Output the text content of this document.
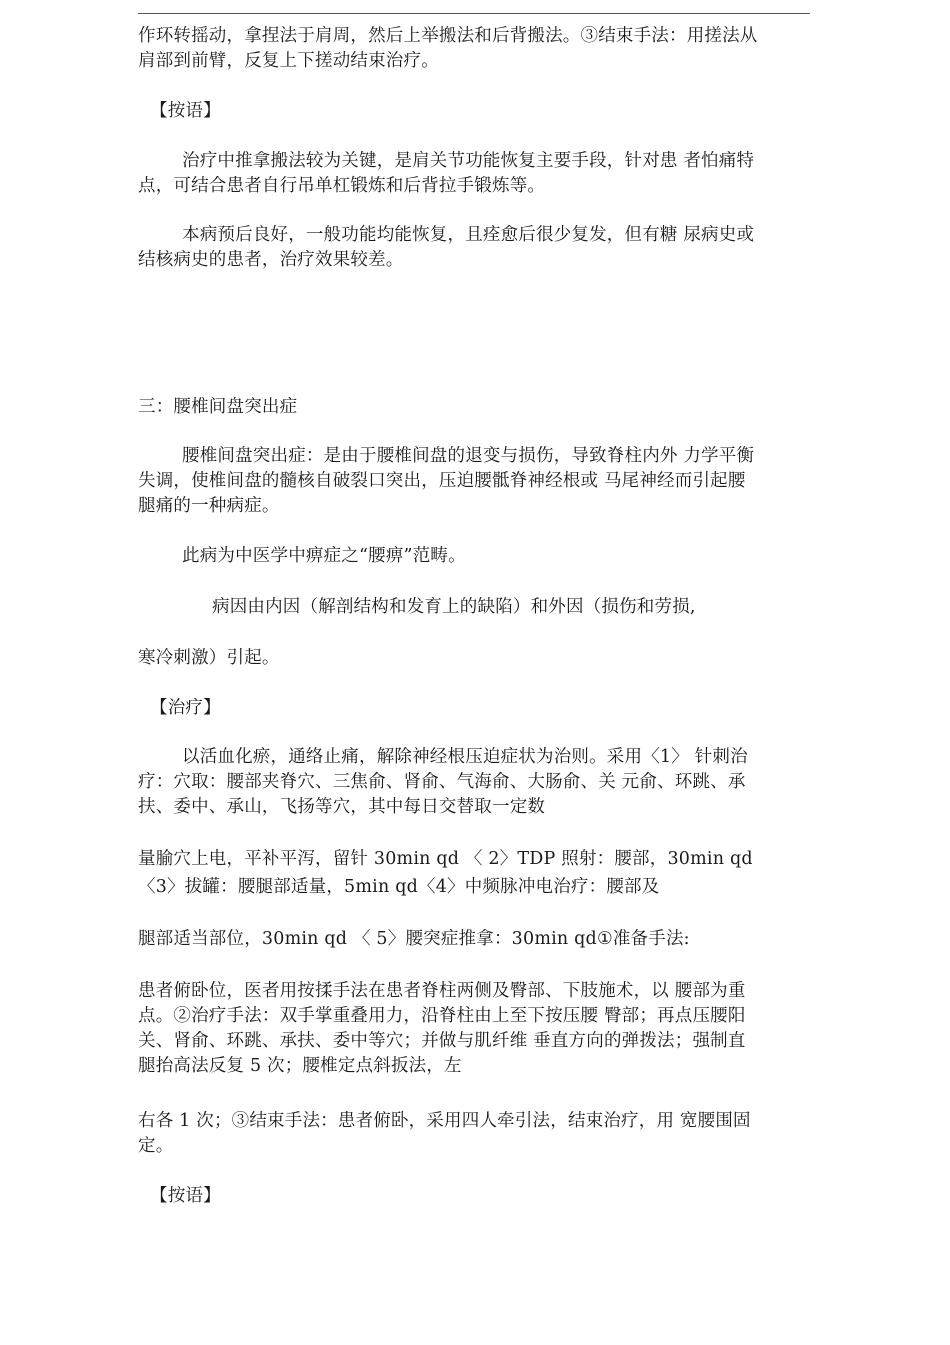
作环转摇动，拿捏法于肩周，然后上举搬法和后背搬法。③结束手法：用搓法从
肩部到前臂，反复上下搓动结束治疗。
【按语】
治疗中推拿搬法较为关键，是肩关节功能恢复主要手段，针对患 者怕痛特
点，可结合患者自行吊单杠锻炼和后背拉手锻炼等。
本病预后良好，一般功能均能恢复，且痊愈后很少复发，但有糖 尿病史或
结核病史的患者，治疗效果较差。
三：腰椎间盘突出症
腰椎间盘突出症：是由于腰椎间盘的退变与损伤，导致脊柱内外 力学平衡
失调，使椎间盘的髓核自破裂口突出，压迫腰骶脊神经根或 马尾神经而引起腰
腿痛的一种病症。
此病为中医学中痹症之“腰痹”范畴。
病因由内因（解剖结构和发育上的缺陷）和外因（损伤和劳损,
寒冷刺激）引起。
【治疗】
以活血化瘀，通络止痛，解除神经根压迫症状为治则。采用〈1〉 针刺治
疗：穴取：腰部夹脊穴、三焦俞、肾俞、气海俞、大肠俞、关 元俞、环跳、承
扶、委中、承山，飞扬等穴，其中每日交替取一定数
量腧穴上电，平补平泻，留针 30min qd 〈 2〉TDP 照射：腰部，30min qd
〈3〉拔罐：腰腿部适量，5min qd〈4〉中频脉冲电治疗：腰部及
腿部适当部位，30min qd 〈 5〉腰突症推拿：30min qd①准备手法:
患者俯卧位，医者用按揉手法在患者脊柱两侧及臀部、下肢施术，以 腰部为重
点。②治疗手法：双手掌重叠用力，沿脊柱由上至下按压腰 臀部；再点压腰阳
关、肾俞、环跳、承扶、委中等穴；并做与肌纤维 垂直方向的弹拨法；强制直
腿抬高法反复 5 次；腰椎定点斜扳法，左
右各 1 次；③结束手法：患者俯卧，采用四人牵引法，结束治疗，用 宽腰围固
定。
【按语】
